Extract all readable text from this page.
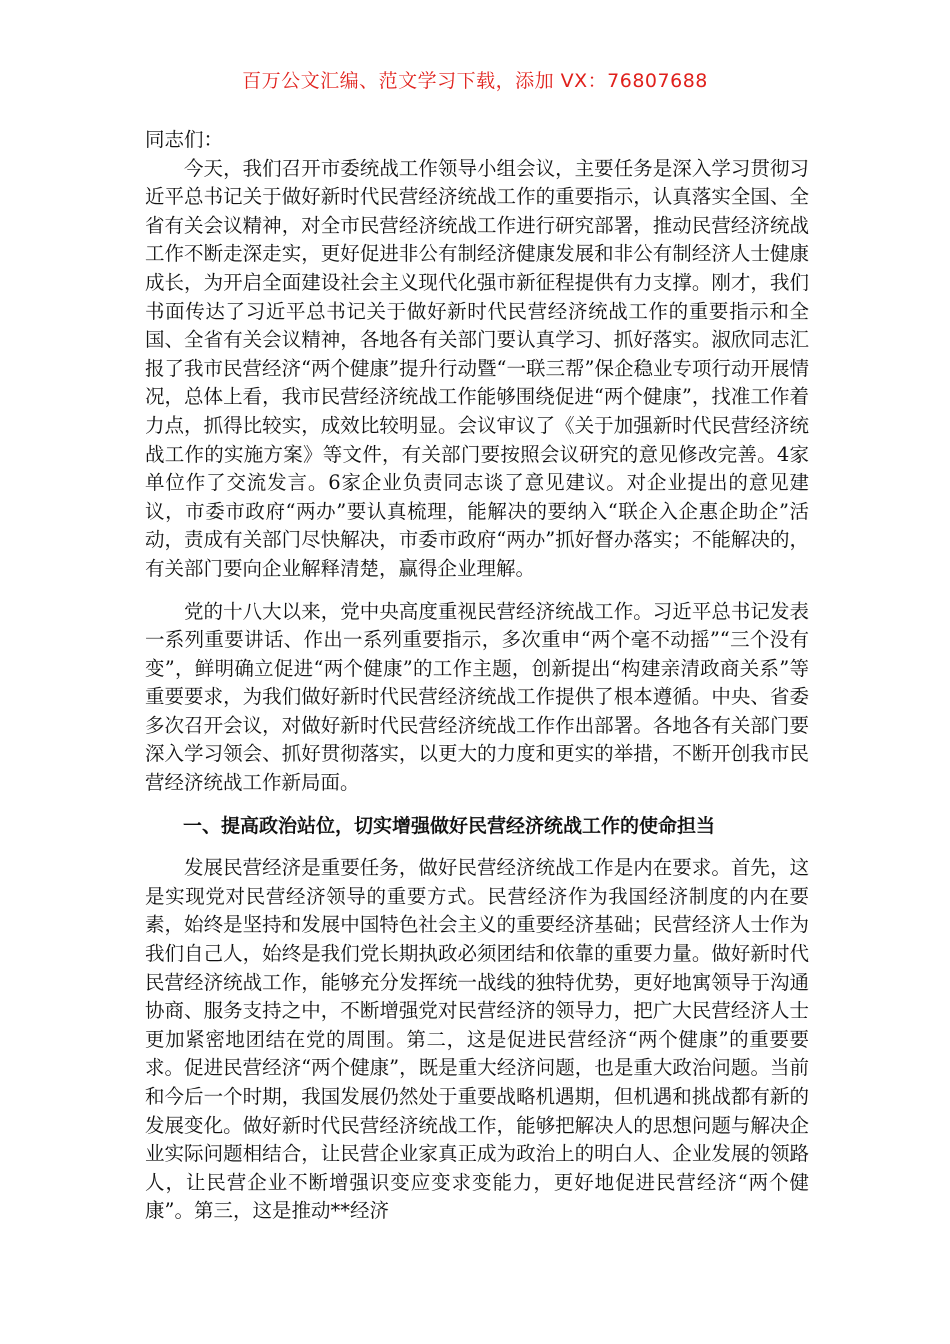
百万公文汇编、范文学习下载，添加 VX：76807688

同志们：

今天，我们召开市委统战工作领导小组会议，主要任务是深入学习贯彻习近平总书记关于做好新时代民营经济统战工作的重要指示，认真落实全国、全省有关会议精神，对全市民营经济统战工作进行研究部署，推动民营经济统战工作不断走深走实，更好促进非公有制经济健康发展和非公有制经济人士健康成长，为开启全面建设社会主义现代化强市新征程提供有力支撑。刚才，我们书面传达了习近平总书记关于做好新时代民营经济统战工作的重要指示和全国、全省有关会议精神，各地各有关部门要认真学习、抓好落实。淑欣同志汇报了我市民营经济“两个健康”提升行动暨“一联三帮”保企稳业专项行动开展情况，总体上看，我市民营经济统战工作能够围绕促进“两个健康”，找准工作着力点，抓得比较实，成效比较明显。会议审议了《关于加强新时代民营经济统战工作的实施方案》等文件，有关部门要按照会议研究的意见修改完善。4家单位作了交流发言。6家企业负责同志谈了意见建议。对企业提出的意见建议，市委市政府“两办”要认真梳理，能解决的要纳入“联企入企惠企助企”活动，责成有关部门尽快解决，市委市政府“两办”抓好督办落实；不能解决的，有关部门要向企业解释清楚，赢得企业理解。

党的十八大以来，党中央高度重视民营经济统战工作。习近平总书记发表一系列重要讲话、作出一系列重要指示，多次重申“两个毫不动摇”“三个没有变”，鲜明确立促进“两个健康”的工作主题，创新提出“构建亲清政商关系”等重要要求，为我们做好新时代民营经济统战工作提供了根本遵循。中央、省委多次召开会议，对做好新时代民营经济统战工作作出部署。各地各有关部门要深入学习领会、抓好贯彻落实，以更大的力度和更实的举措，不断开创我市民营经济统战工作新局面。

一、提高政治站位，切实增强做好民营经济统战工作的使命担当

发展民营经济是重要任务，做好民营经济统战工作是内在要求。首先，这是实现党对民营经济领导的重要方式。民营经济作为我国经济制度的内在要素，始终是坚持和发展中国特色社会主义的重要经济基础；民营经济人士作为我们自己人，始终是我们党长期执政必须团结和依靠的重要力量。做好新时代民营经济统战工作，能够充分发挥统一战线的独特优势，更好地寓领导于沟通协商、服务支持之中，不断增强党对民营经济的领导力，把广大民营经济人士更加紧密地团结在党的周围。第二，这是促进民营经济“两个健康”的重要要求。促进民营经济“两个健康”，既是重大经济问题，也是重大政治问题。当前和今后一个时期，我国发展仍然处于重要战略机遇期，但机遇和挑战都有新的发展变化。做好新时代民营经济统战工作，能够把解决人的思想问题与解决企业实际问题相结合，让民营企业家真正成为政治上的明白人、企业发展的领路人，让民营企业不断增强识变应变求变能力，更好地促进民营经济“两个健康”。第三，这是推动**经济
